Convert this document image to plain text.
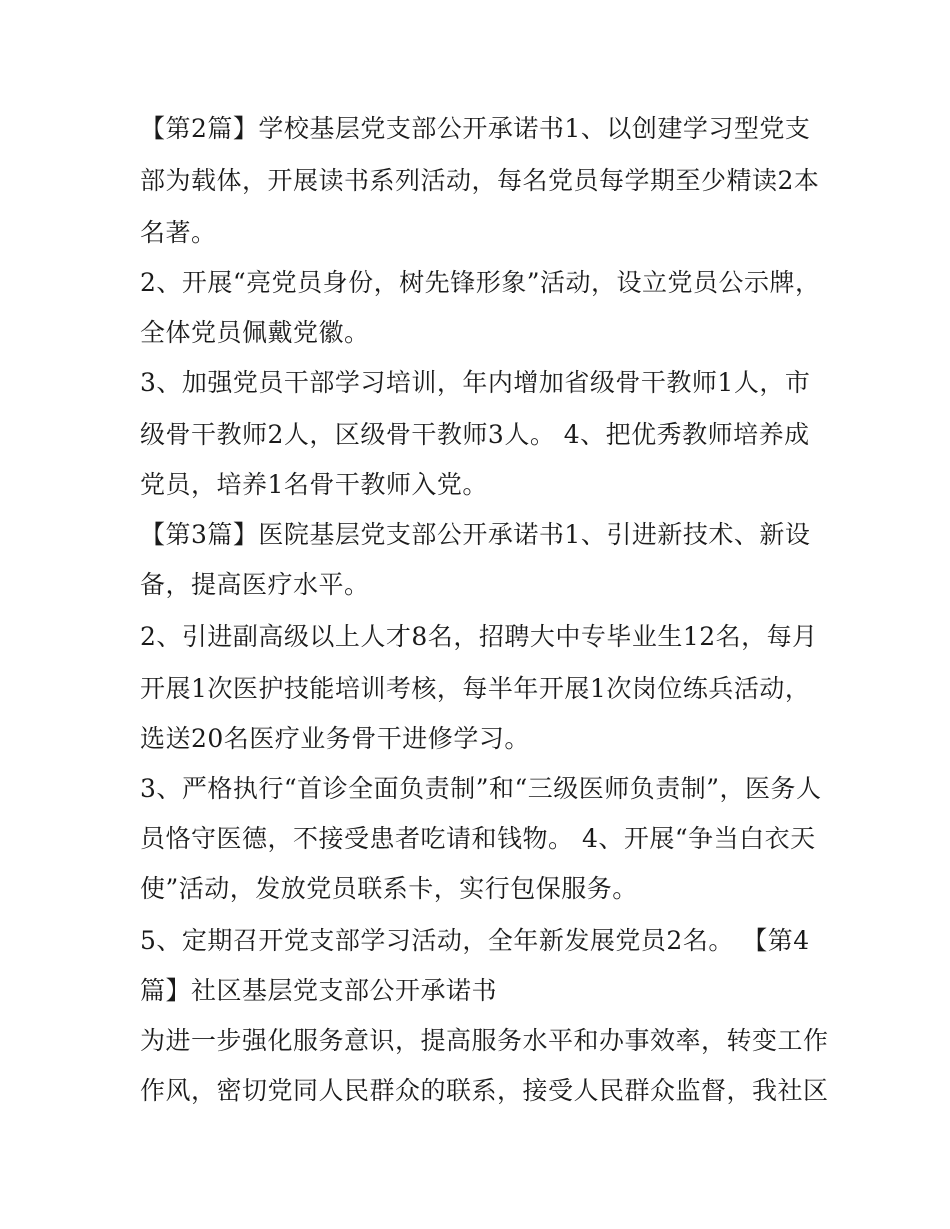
【第2篇】学校基层党支部公开承诺书1、以创建学习型党支
部为载体，开展读书系列活动，每名党员每学期至少精读2本
名著。
2、开展“亮党员身份，树先锋形象”活动，设立党员公示牌，
全体党员佩戴党徽。
3、加强党员干部学习培训，年内增加省级骨干教师1人，市
级骨干教师2人，区级骨干教师3人。 4、把优秀教师培养成
党员，培养1名骨干教师入党。
【第3篇】医院基层党支部公开承诺书1、引进新技术、新设
备，提高医疗水平。
2、引进副高级以上人才8名，招聘大中专毕业生12名，每月
开展1次医护技能培训考核，每半年开展1次岗位练兵活动，
选送20名医疗业务骨干进修学习。
3、严格执行“首诊全面负责制”和“三级医师负责制”，医务人
员恪守医德，不接受患者吃请和钱物。 4、开展“争当白衣天
使”活动，发放党员联系卡，实行包保服务。
5、定期召开党支部学习活动，全年新发展党员2名。 【第4
篇】社区基层党支部公开承诺书
为进一步强化服务意识，提高服务水平和办事效率，转变工作
作风，密切党同人民群众的联系，接受人民群众监督，我社区
